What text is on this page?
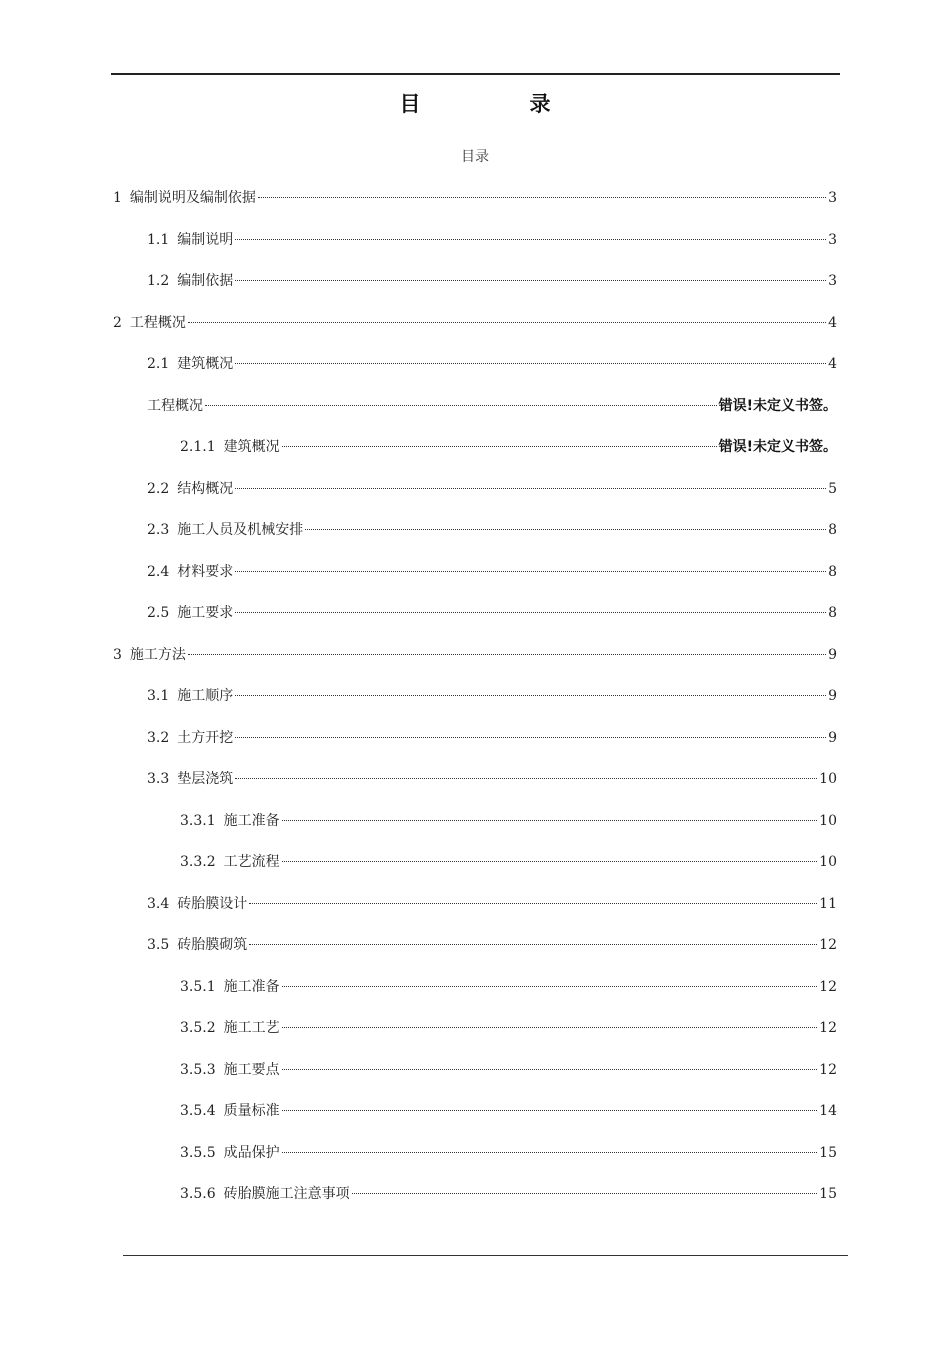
目　录
目录
1 编制说明及编制依据	3
1.1 编制说明	3
1.2 编制依据	3
2 工程概况	4
2.1 建筑概况	4
工程概况	错误!未定义书签。
2.1.1 建筑概况	错误!未定义书签。
2.2 结构概况	5
2.3 施工人员及机械安排	8
2.4 材料要求	8
2.5 施工要求	8
3 施工方法	9
3.1 施工顺序	9
3.2 土方开挖	9
3.3 垫层浇筑	10
3.3.1 施工准备	10
3.3.2 工艺流程	10
3.4 砖胎膜设计	11
3.5 砖胎膜砌筑	12
3.5.1 施工准备	12
3.5.2 施工工艺	12
3.5.3 施工要点	12
3.5.4 质量标准	14
3.5.5 成品保护	15
3.5.6 砖胎膜施工注意事项	15
